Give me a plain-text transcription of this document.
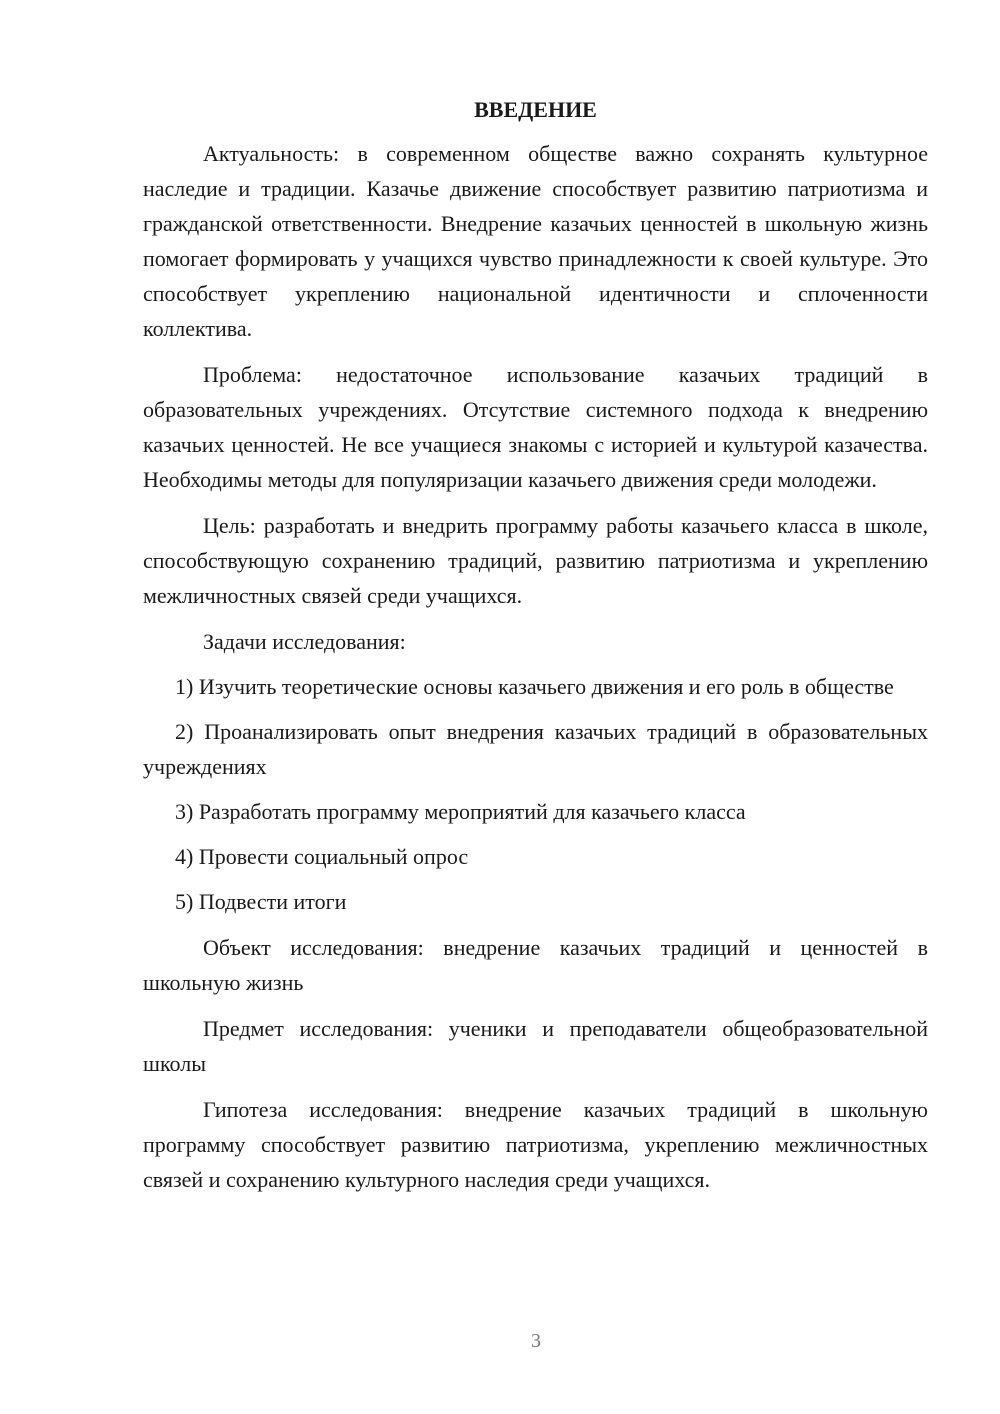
ВВЕДЕНИЕ

Актуальность: в современном обществе важно сохранять культурное наследие и традиции. Казачье движение способствует развитию патриотизма и гражданской ответственности. Внедрение казачьих ценностей в школьную жизнь помогает формировать у учащихся чувство принадлежности к своей культуре. Это способствует укреплению национальной идентичности и сплоченности коллектива.

Проблема: недостаточное использование казачьих традиций в образовательных учреждениях. Отсутствие системного подхода к внедрению казачьих ценностей. Не все учащиеся знакомы с историей и культурой казачества. Необходимы методы для популяризации казачьего движения среди молодежи.

Цель: разработать и внедрить программу работы казачьего класса в школе, способствующую сохранению традиций, развитию патриотизма и укреплению межличностных связей среди учащихся.

Задачи исследования:

1) Изучить теоретические основы казачьего движения и его роль в обществе

2) Проанализировать опыт внедрения казачьих традиций в образовательных учреждениях

3) Разработать программу мероприятий для казачьего класса

4) Провести социальный опрос

5) Подвести итоги

Объект исследования: внедрение казачьих традиций и ценностей в школьную жизнь

Предмет исследования: ученики и преподаватели общеобразовательной школы

Гипотеза исследования: внедрение казачьих традиций в школьную программу способствует развитию патриотизма, укреплению межличностных связей и сохранению культурного наследия среди учащихся.

3
